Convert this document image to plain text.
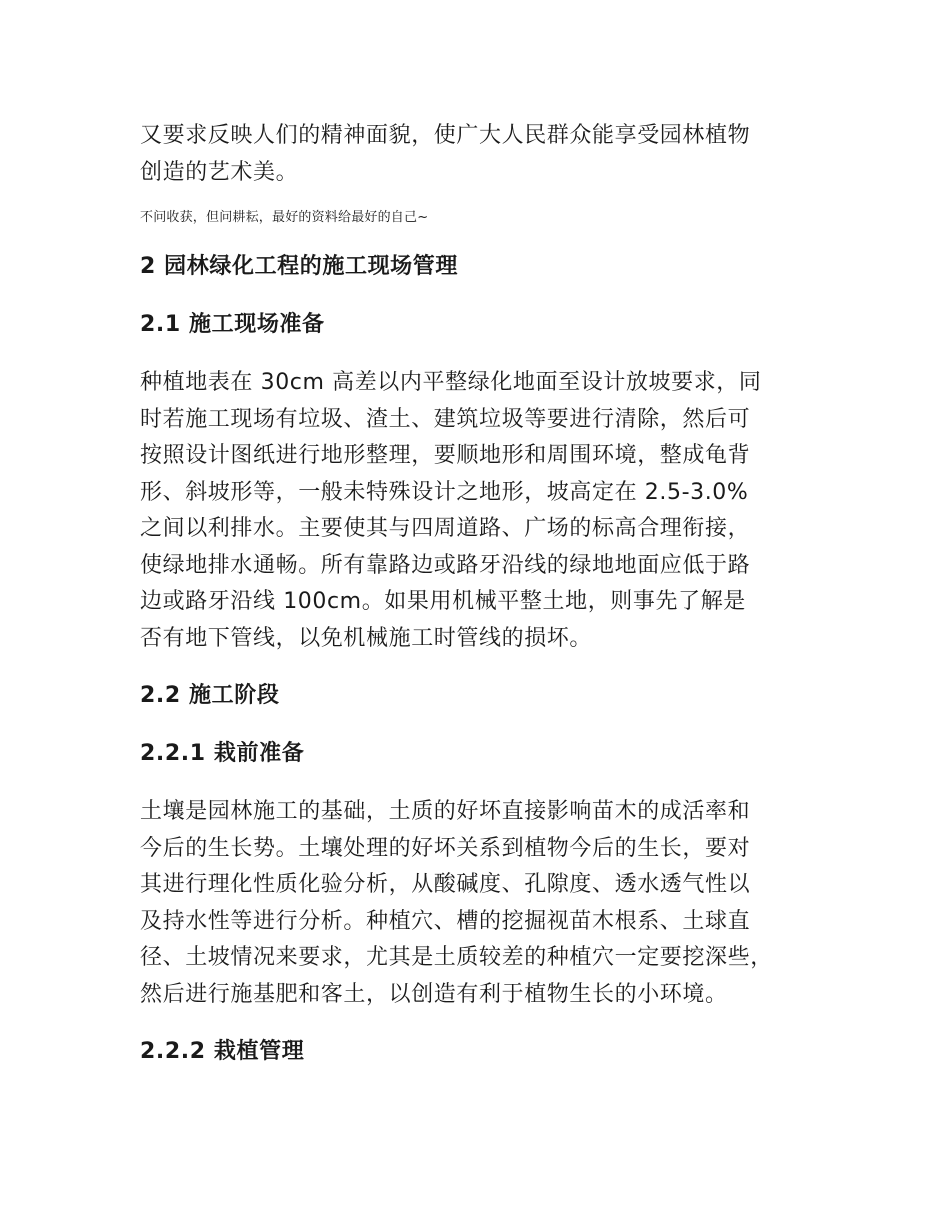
又要求反映人们的精神面貌，使广大人民群众能享受园林植物
创造的艺术美。

不问收获，但问耕耘，最好的资料给最好的自己~

2 园林绿化工程的施工现场管理
2.1 施工现场准备
种植地表在 30cm 高差以内平整绿化地面至设计放坡要求，同
时若施工现场有垃圾、渣土、建筑垃圾等要进行清除，然后可
按照设计图纸进行地形整理，要顺地形和周围环境，整成龟背
形、斜坡形等，一般未特殊设计之地形，坡高定在 2.5-3.0%
之间以利排水。主要使其与四周道路、广场的标高合理衔接，
使绿地排水通畅。所有靠路边或路牙沿线的绿地地面应低于路
边或路牙沿线 100cm。如果用机械平整土地，则事先了解是
否有地下管线，以免机械施工时管线的损坏。
2.2 施工阶段
2.2.1 栽前准备
土壤是园林施工的基础，土质的好坏直接影响苗木的成活率和
今后的生长势。土壤处理的好坏关系到植物今后的生长，要对
其进行理化性质化验分析，从酸碱度、孔隙度、透水透气性以
及持水性等进行分析。种植穴、槽的挖掘视苗木根系、土球直
径、土坡情况来要求，尤其是土质较差的种植穴一定要挖深些，
然后进行施基肥和客土，以创造有利于植物生长的小环境。
2.2.2 栽植管理
